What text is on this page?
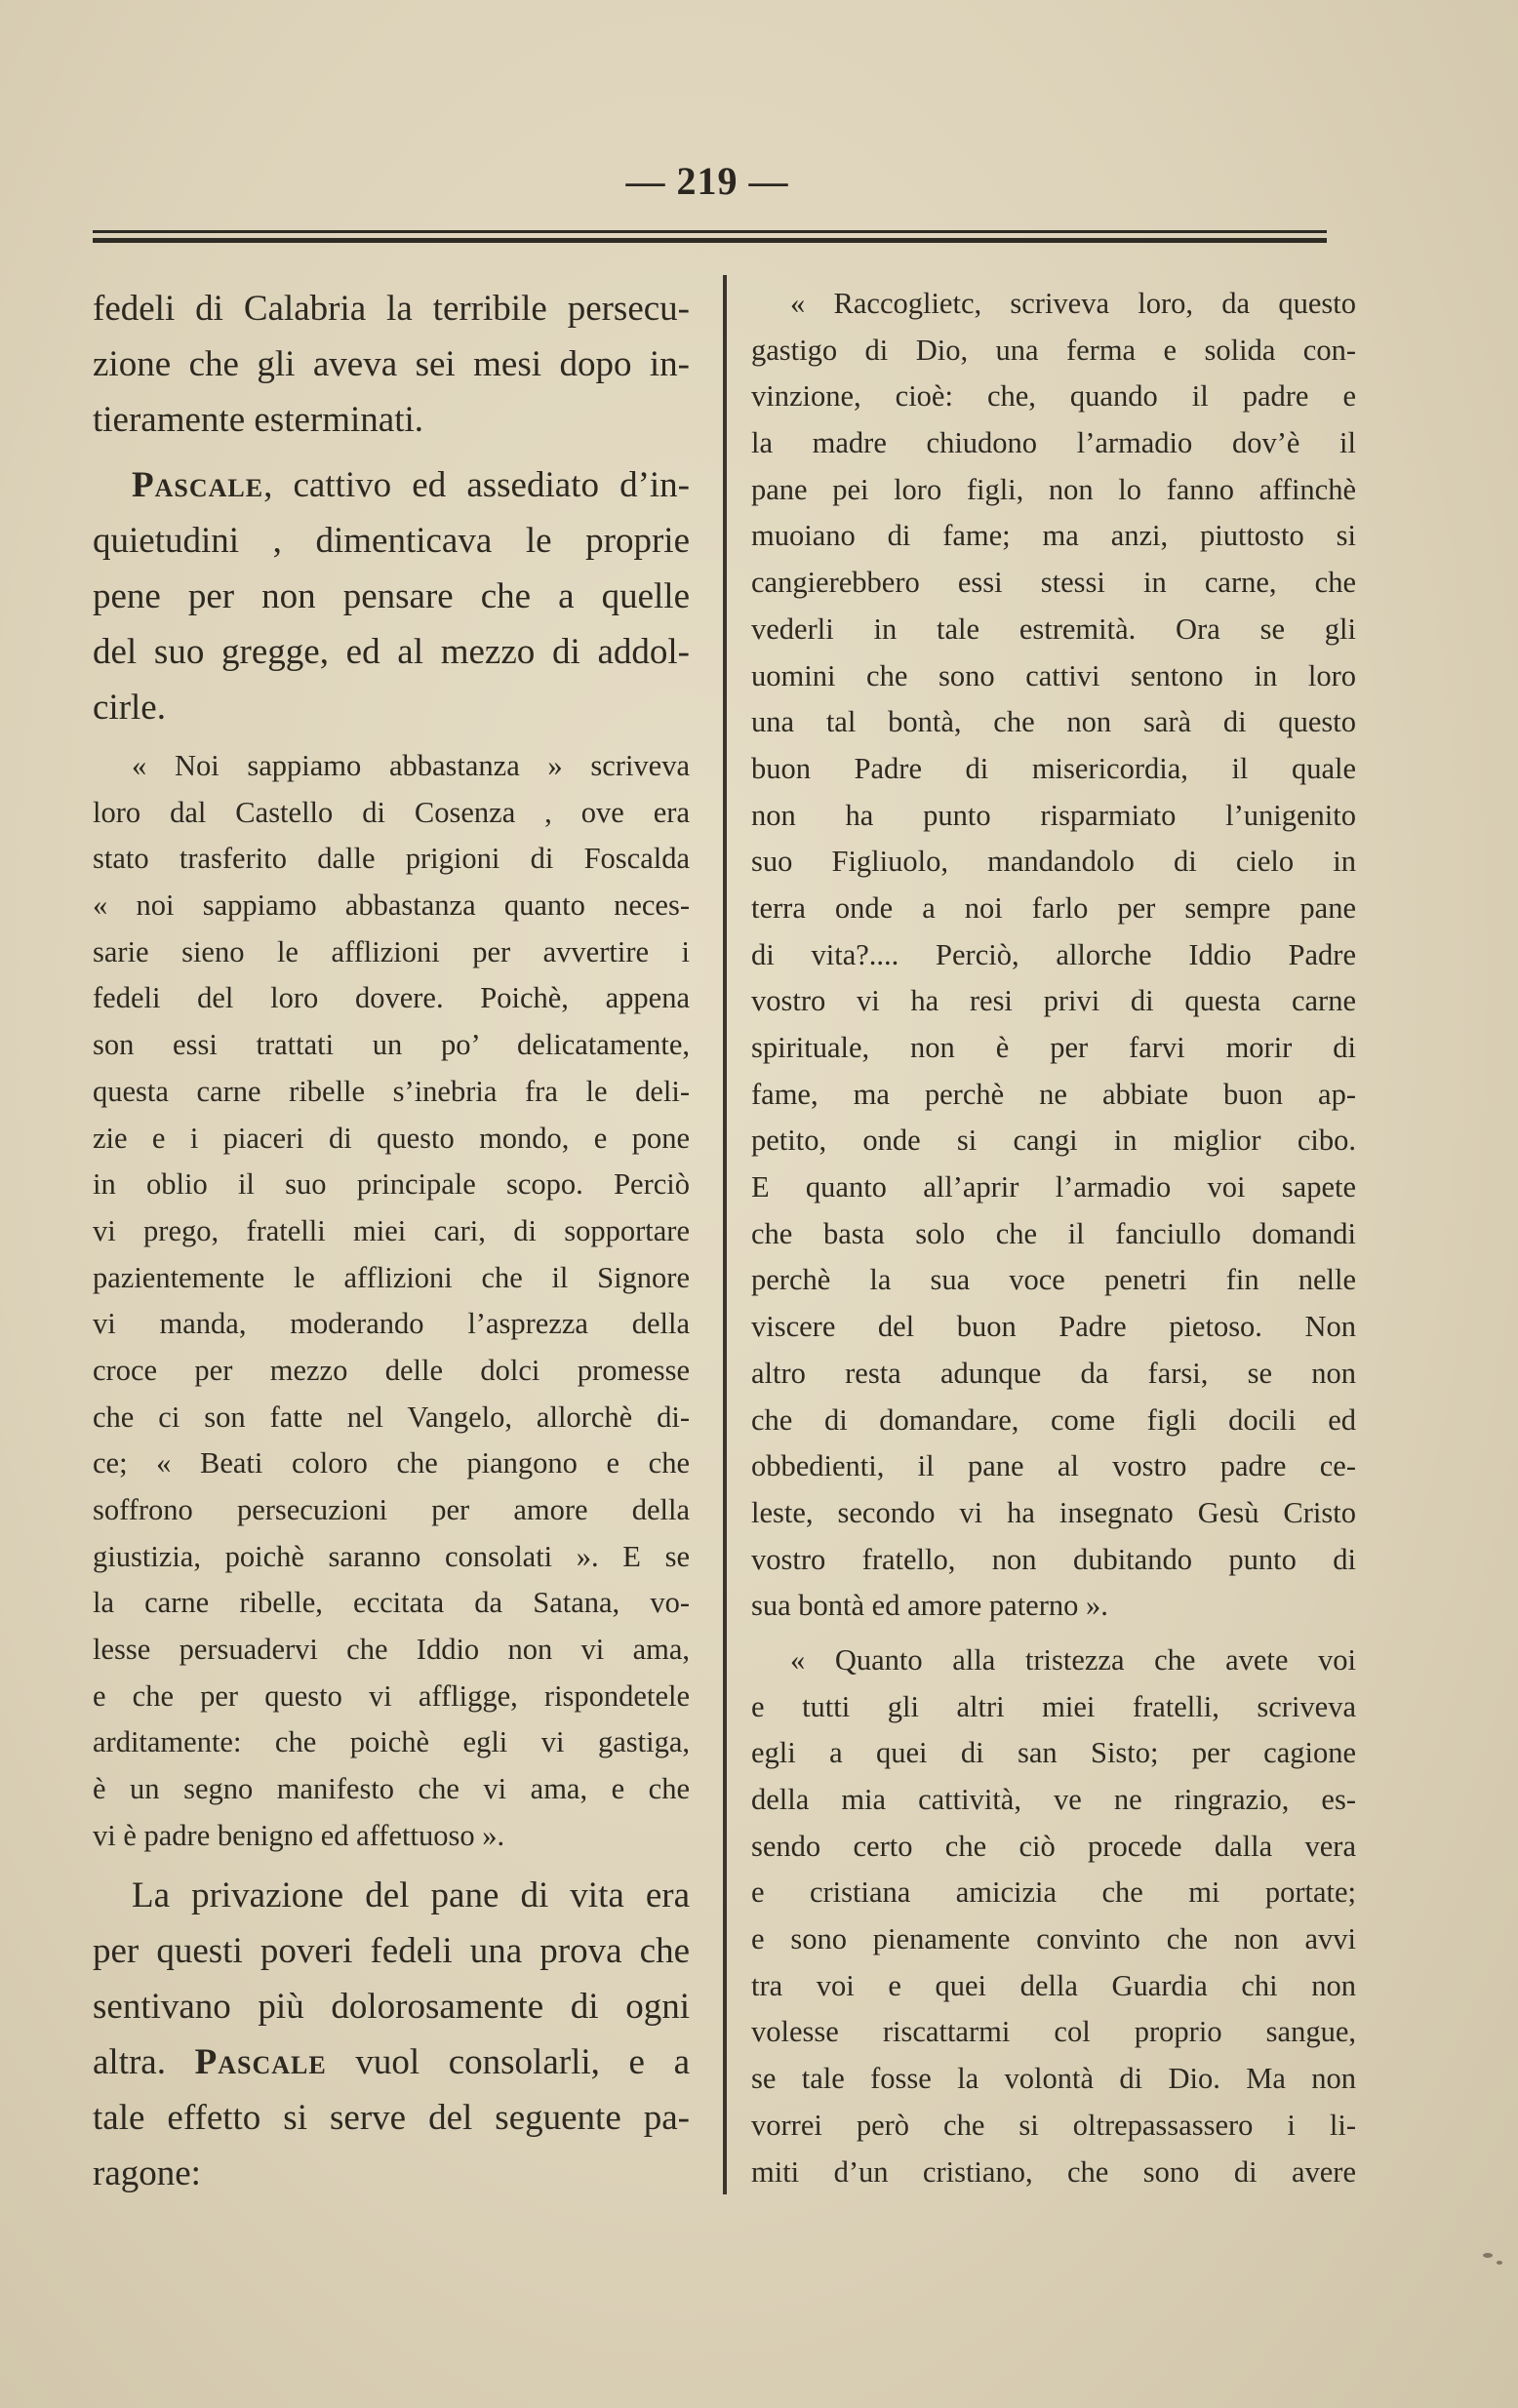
— 219 —
fedeli di Calabria la terribile persecu-
zione che gli aveva sei mesi dopo in-
tieramente esterminati.
Pascale, cattivo ed assediato d’in-
quietudini , dimenticava le proprie
pene per non pensare che a quelle
del suo gregge, ed al mezzo di addol-
cirle.
« Noi sappiamo abbastanza » scriveva
loro dal Castello di Cosenza , ove era
stato trasferito dalle prigioni di Foscalda
« noi sappiamo abbastanza quanto neces-
sarie sieno le afflizioni per avvertire i
fedeli del loro dovere. Poichè, appena
son essi trattati un po’ delicatamente,
questa carne ribelle s’inebria fra le deli-
zie e i piaceri di questo mondo, e pone
in oblio il suo principale scopo. Perciò
vi prego, fratelli miei cari, di sopportare
pazientemente le afflizioni che il Signore
vi manda, moderando l’asprezza della
croce per mezzo delle dolci promesse
che ci son fatte nel Vangelo, allorchè di-
ce; « Beati coloro che piangono e che
soffrono persecuzioni per amore della
giustizia, poichè saranno consolati ». E se
la carne ribelle, eccitata da Satana, vo-
lesse persuadervi che Iddio non vi ama,
e che per questo vi affligge, rispondetele
arditamente: che poichè egli vi gastiga,
è un segno manifesto che vi ama, e che
vi è padre benigno ed affettuoso ».
La privazione del pane di vita era
per questi poveri fedeli una prova che
sentivano più dolorosamente di ogni
altra. Pascale vuol consolarli, e a
tale effetto si serve del seguente pa-
ragone:
« Raccoglietc, scriveva loro, da questo
gastigo di Dio, una ferma e solida con-
vinzione, cioè: che, quando il padre e
la madre chiudono l’armadio dov’è il
pane pei loro figli, non lo fanno affinchè
muoiano di fame; ma anzi, piuttosto si
cangierebbero essi stessi in carne, che
vederli in tale estremità. Ora se gli
uomini che sono cattivi sentono in loro
una tal bontà, che non sarà di questo
buon Padre di misericordia, il quale
non ha punto risparmiato l’unigenito
suo Figliuolo, mandandolo di cielo in
terra onde a noi farlo per sempre pane
di vita?.... Perciò, allorche Iddio Padre
vostro vi ha resi privi di questa carne
spirituale, non è per farvi morir di
fame, ma perchè ne abbiate buon ap-
petito, onde si cangi in miglior cibo.
E quanto all’aprir l’armadio voi sapete
che basta solo che il fanciullo domandi
perchè la sua voce penetri fin nelle
viscere del buon Padre pietoso. Non
altro resta adunque da farsi, se non
che di domandare, come figli docili ed
obbedienti, il pane al vostro padre ce-
leste, secondo vi ha insegnato Gesù Cristo
vostro fratello, non dubitando punto di
sua bontà ed amore paterno ».
« Quanto alla tristezza che avete voi
e tutti gli altri miei fratelli, scriveva
egli a quei di san Sisto; per cagione
della mia cattività, ve ne ringrazio, es-
sendo certo che ciò procede dalla vera
e cristiana amicizia che mi portate;
e sono pienamente convinto che non avvi
tra voi e quei della Guardia chi non
volesse riscattarmi col proprio sangue,
se tale fosse la volontà di Dio. Ma non
vorrei però che si oltrepassassero i li-
miti d’un cristiano, che sono di avere
